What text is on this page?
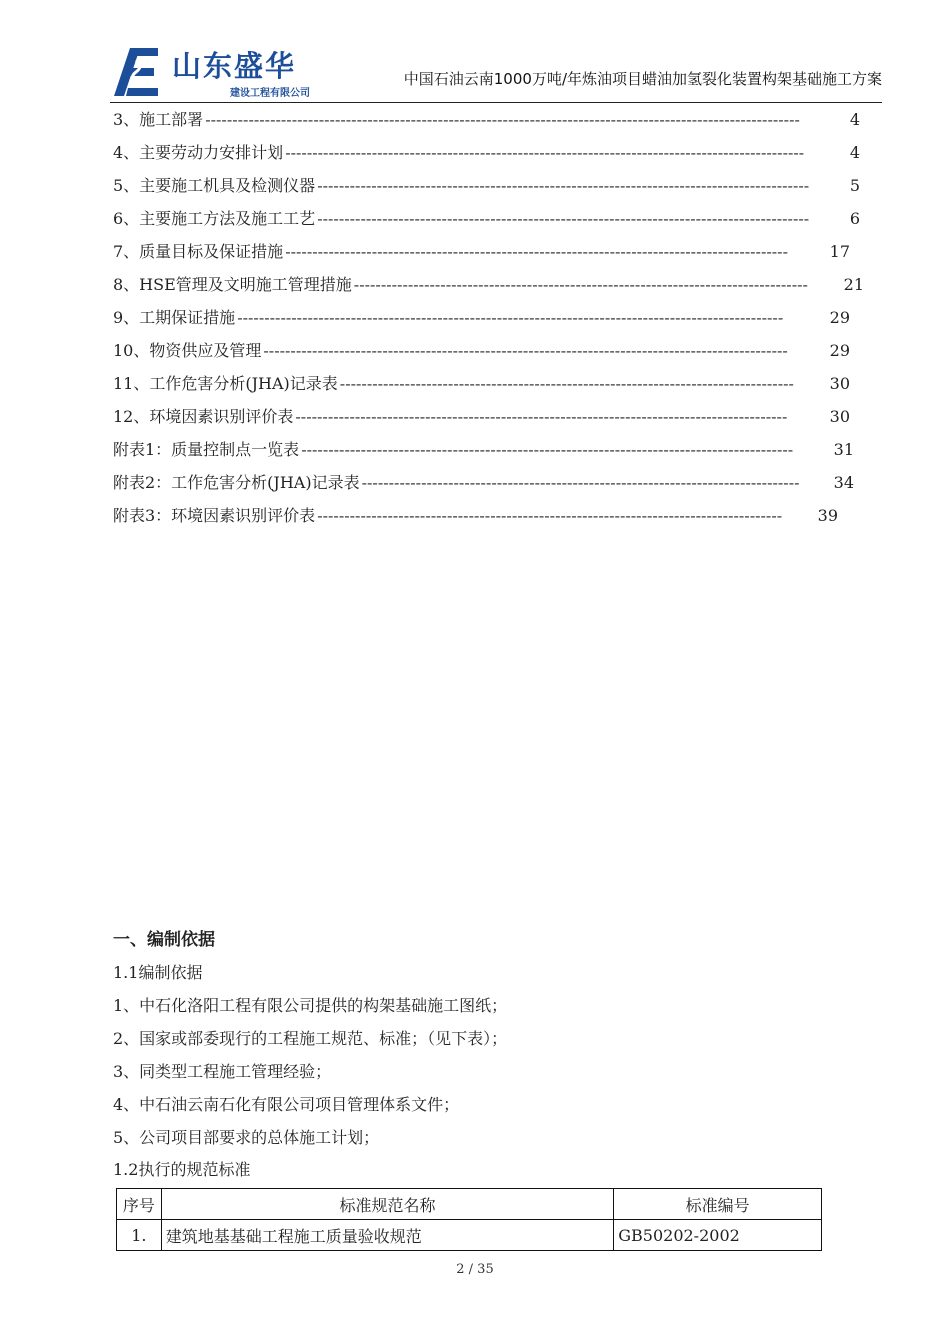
山东盛华
建设工程有限公司
中国石油云南1000万吨/年炼油项目蜡油加氢裂化装置构架基础施工方案
3、施工部署 --------------------------------------------------------------------------------------------------------------	4
4、主要劳动力安排计划 ------------------------------------------------------------------------------------------------	4
5、主要施工机具及检测仪器 -------------------------------------------------------------------------------------------	5
6、主要施工方法及施工工艺 -------------------------------------------------------------------------------------------	6
7、质量目标及保证措施 ---------------------------------------------------------------------------------------------	17
8、HSE管理及文明施工管理措施 ------------------------------------------------------------------------------------	21
9、工期保证措施 -----------------------------------------------------------------------------------------------------	29
10、物资供应及管理 -------------------------------------------------------------------------------------------------	29
11、工作危害分析(JHA)记录表 ------------------------------------------------------------------------------------	30
12、环境因素识别评价表 -------------------------------------------------------------------------------------------	30
附表1：质量控制点一览表 -------------------------------------------------------------------------------------------	31
附表2：工作危害分析(JHA)记录表 ---------------------------------------------------------------------------------	34
附表3：环境因素识别评价表 --------------------------------------------------------------------------------------	39
一、编制依据
1.1编制依据
1、中石化洛阳工程有限公司提供的构架基础施工图纸；
2、国家或部委现行的工程施工规范、标准；（见下表）；
3、同类型工程施工管理经验；
4、中石油云南石化有限公司项目管理体系文件；
5、公司项目部要求的总体施工计划；
1.2执行的规范标准
序号	标准规范名称	标准编号
1.	建筑地基基础工程施工质量验收规范	GB50202-2002
2 / 35
